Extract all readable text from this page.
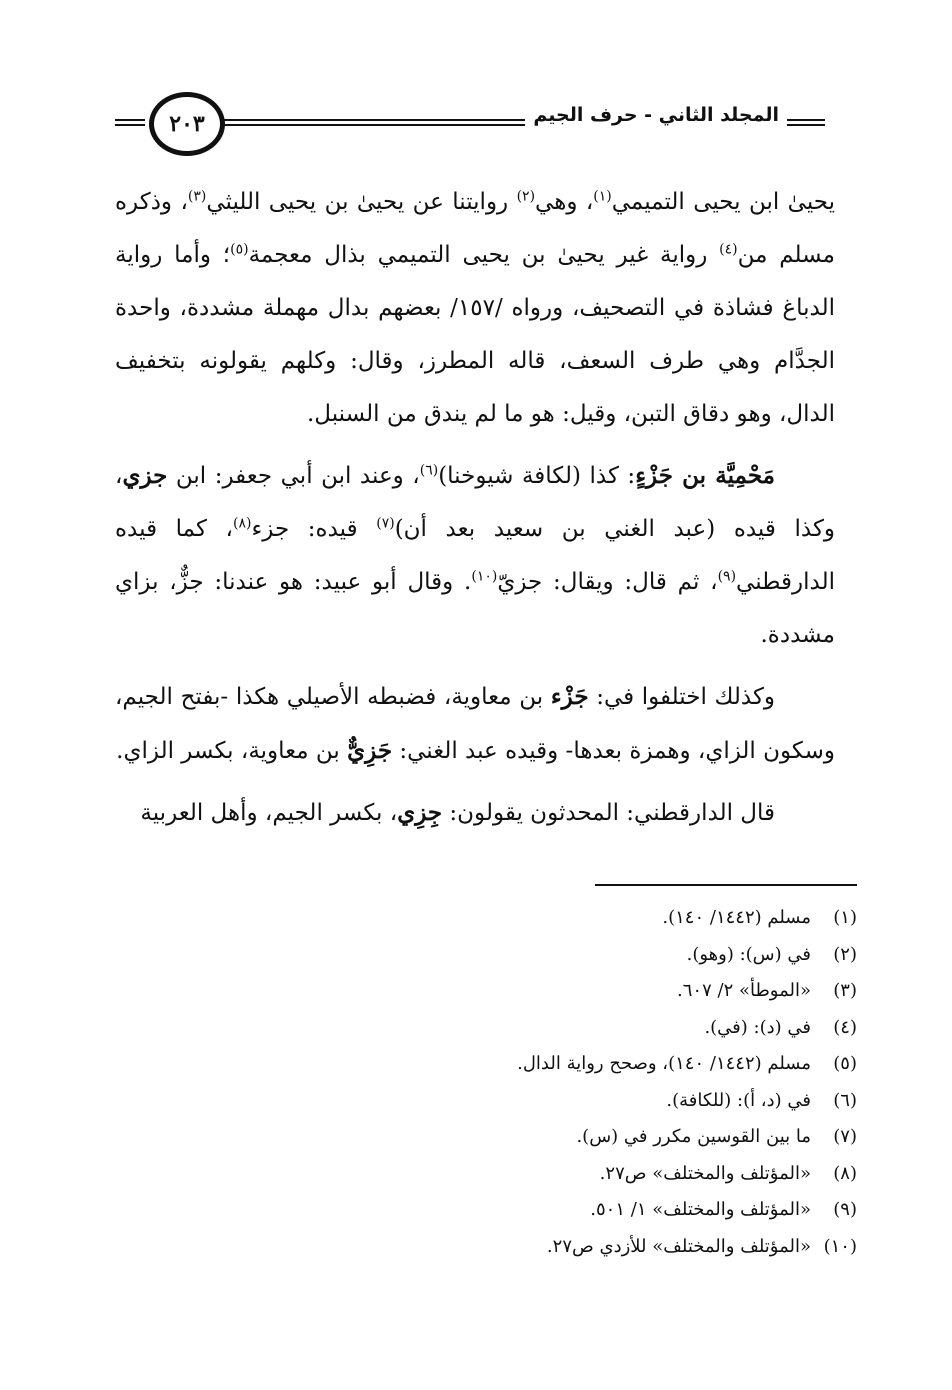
٢٠٣	المجلد الثاني - حرف الجيم

يحيىٰ ابن يحيى التميمي$^{(١)}$، وهي$^{(٢)}$ روايتنا عن يحيىٰ بن يحيى الليثي$^{(٣)}$، وذكره مسلم من$^{(٤)}$ رواية غير يحيىٰ بن يحيى التميمي بذال معجمة$^{(٥)}$؛ وأما رواية الدباغ فشاذة في التصحيف، ورواه /١٥٧/ بعضهم بدال مهملة مشددة، واحدة الجدَّام وهي طرف السعف، قاله المطرز، وقال: وكلهم يقولونه بتخفيف الدال، وهو دقاق التبن، وقيل: هو ما لم يندق من السنبل.

مَحْمِيَّة بن جَزْءٍ: كذا (لكافة شيوخنا)$^{(٦)}$، وعند ابن أبي جعفر: ابن جزي، وكذا قيده (عبد الغني بن سعيد بعد أن)$^{(٧)}$ قيده: جزء$^{(٨)}$، كما قيده الدارقطني$^{(٩)}$، ثم قال: ويقال: جزيّ$^{(١٠)}$. وقال أبو عبيد: هو عندنا: جزٌّ، بزاي مشددة.

وكذلك اختلفوا في: جَزْء بن معاوية، فضبطه الأصيلي هكذا -بفتح الجيم، وسكون الزاي، وهمزة بعدها- وقيده عبد الغني: جَزِيٌّ بن معاوية، بكسر الزاي.

قال الدارقطني: المحدثون يقولون: جِزِي، بكسر الجيم، وأهل العربية

(١)
مسلم (١٤٤٢/ ١٤٠).
(٢)
في (س): (وهو).
(٣)
«الموطأ» ٢/ ٦٠٧.
(٤)
في (د): (في).
(٥)
مسلم (١٤٤٢/ ١٤٠)، وصحح رواية الدال.
(٦)
في (د، أ): (للكافة).
(٧)
ما بين القوسين مكرر في (س).
(٨)
«المؤتلف والمختلف» ص٢٧.
(٩)
«المؤتلف والمختلف» ١/ ٥٠١.
(١٠)
«المؤتلف والمختلف» للأزدي ص٢٧.
